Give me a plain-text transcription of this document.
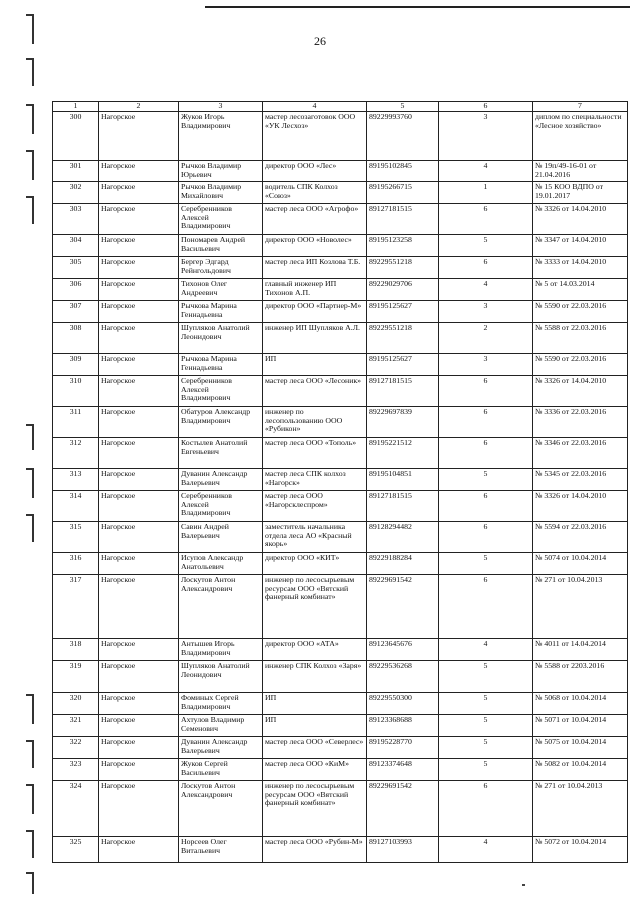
26
1	2	3	4	5	6	7
300	Нагорское	Жуков Игорь Владимирович	мастер лесозаготовок ООО «УК Лесхоз»	89229993760	3	диплом по специальности «Лесное хозяйство»
301	Нагорское	Рычков Владимир Юрьевич	директор ООО «Лес»	89195102845	4	№ 19п/49-16-01 от 21.04.2016
302	Нагорское	Рычков Владимир Михайлович	водитель СПК Колхоз «Союз»	89195266715	1	№ 15 КОО ВДПО от 19.01.2017
303	Нагорское	Серебренников Алексей Владимирович	мастер леса ООО «Агрофо»	89127181515	6	№ 3326 от 14.04.2010
304	Нагорское	Пономарев Андрей Васильевич	директор ООО «Новолес»	89195123258	5	№ 3347 от 14.04.2010
305	Нагорское	Бергер Эдгард Рейнгольдович	мастер леса ИП Козлова Т.Б.	89229551218	6	№ 3333 от 14.04.2010
306	Нагорское	Тихонов Олег Андреевич	главный инженер ИП Тихонов А.П.	89229029706	4	№ 5 от 14.03.2014
307	Нагорское	Рычкова Марина Геннадьевна	директор ООО «Партнер-М»	89195125627	3	№ 5590 от 22.03.2016
308	Нагорское	Шупляков Анатолий Леонидович	инженер ИП Шупляков А.Л.	89229551218	2	№ 5588 от 22.03.2016
309	Нагорское	Рычкова Марина Геннадьевна	ИП	89195125627	3	№ 5590 от 22.03.2016
310	Нагорское	Серебренников Алексей Владимирович	мастер леса ООО «Лесоник»	89127181515	6	№ 3326 от 14.04.2010
311	Нагорское	Обатуров Александр Владимирович	инженер по лесопользованию ООО «Рубикон»	89229697839	6	№ 3336 от 22.03.2016
312	Нагорское	Костылев Анатолий Евгеньевич	мастер леса ООО «Тополь»	89195221512	6	№ 3346 от 22.03.2016
313	Нагорское	Дуванин Александр Валерьевич	мастер леса СПК колхоз «Нагорск»	89195104851	5	№ 5345 от 22.03.2016
314	Нагорское	Серебренников Алексей Владимирович	мастер леса ООО «Нагорсклеспром»	89127181515	6	№ 3326 от 14.04.2010
315	Нагорское	Савин Андрей Валерьевич	заместитель начальника отдела леса АО «Красный якорь»	89128294482	6	№ 5594 от 22.03.2016
316	Нагорское	Исупов Александр Анатольевич	директор ООО «КИТ»	89229188284	5	№ 5074 от 10.04.2014
317	Нагорское	Лоскутов Антон Александрович	инженер по лесосырьевым ресурсам ООО «Вятский фанерный комбинат»	89229691542	6	№ 271 от 10.04.2013
318	Нагорское	Антышев Игорь Владимирович	директор ООО «АТА»	89123645676	4	№ 4011 от 14.04.2014
319	Нагорское	Шупляков Анатолий Леонидович	инженер СПК Колхоз «Заря»	89229536268	5	№ 5588 от 2203.2016
320	Нагорское	Фоминых Сергей Владимирович	ИП	89229550300	5	№ 5068 от 10.04.2014
321	Нагорское	Ахтулов Владимир Семенович	ИП	89123368688	5	№ 5071 от 10.04.2014
322	Нагорское	Дуванин Александр Валерьевич	мастер леса ООО «Северлес»	89195228770	5	№ 5075 от 10.04.2014
323	Нагорское	Жуков Сергей Васильевич	мастер леса ООО «КиМ»	89123374648	5	№ 5082 от 10.04.2014
324	Нагорское	Лоскутов Антон Александрович	инженер по лесосырьевым ресурсам ООО «Вятский фанерный комбинат»	89229691542	6	№ 271 от 10.04.2013
325	Нагорское	Норсеев Олег Витальевич	мастер леса ООО «Рубин-М»	89127103993	4	№ 5072 от 10.04.2014
